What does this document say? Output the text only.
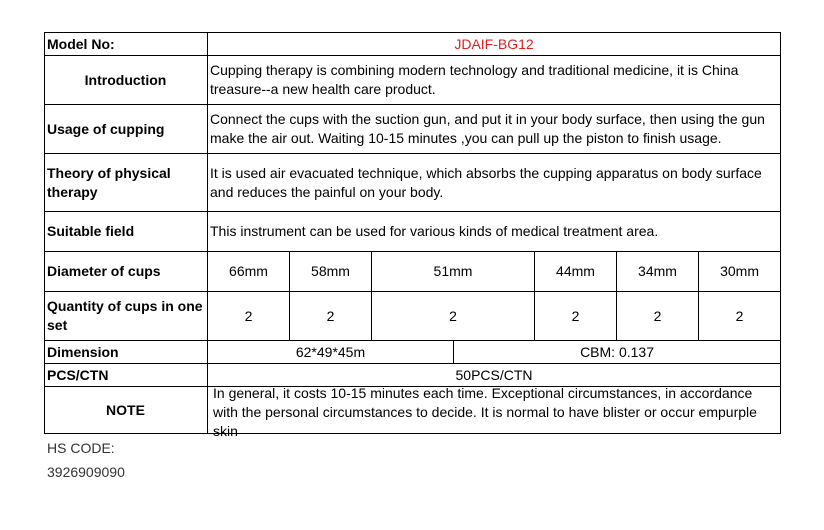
Model No:	JDAIF-BG12						
Introduction	Cupping therapy is combining modern technology and traditional medicine, it is China treasure--a new health care product.						
Usage of cupping	Connect the cups with the suction gun, and put it in your body surface, then using the gun make the air out. Waiting 10-15 minutes ,you can pull up the piston to finish usage.						
Theory of physical therapy	It is used air evacuated technique, which absorbs the cupping apparatus on body surface and reduces the painful on your body.						
Suitable field	This instrument can be used for various kinds of medical treatment area.						
Diameter of cups	66mm	58mm	51mm		44mm	34mm	30mm
Quantity of cups in one set	2	2	2		2	2	2
Dimension	62*49*45m			CBM: 0.137			
PCS/CTN	50PCS/CTN						
NOTE	In general, it costs 10-15 minutes each time. Exceptional circumstances, in accordance with the personal circumstances to decide. It is normal to have blister or occur empurple skin						
HS CODE:
3926909090
